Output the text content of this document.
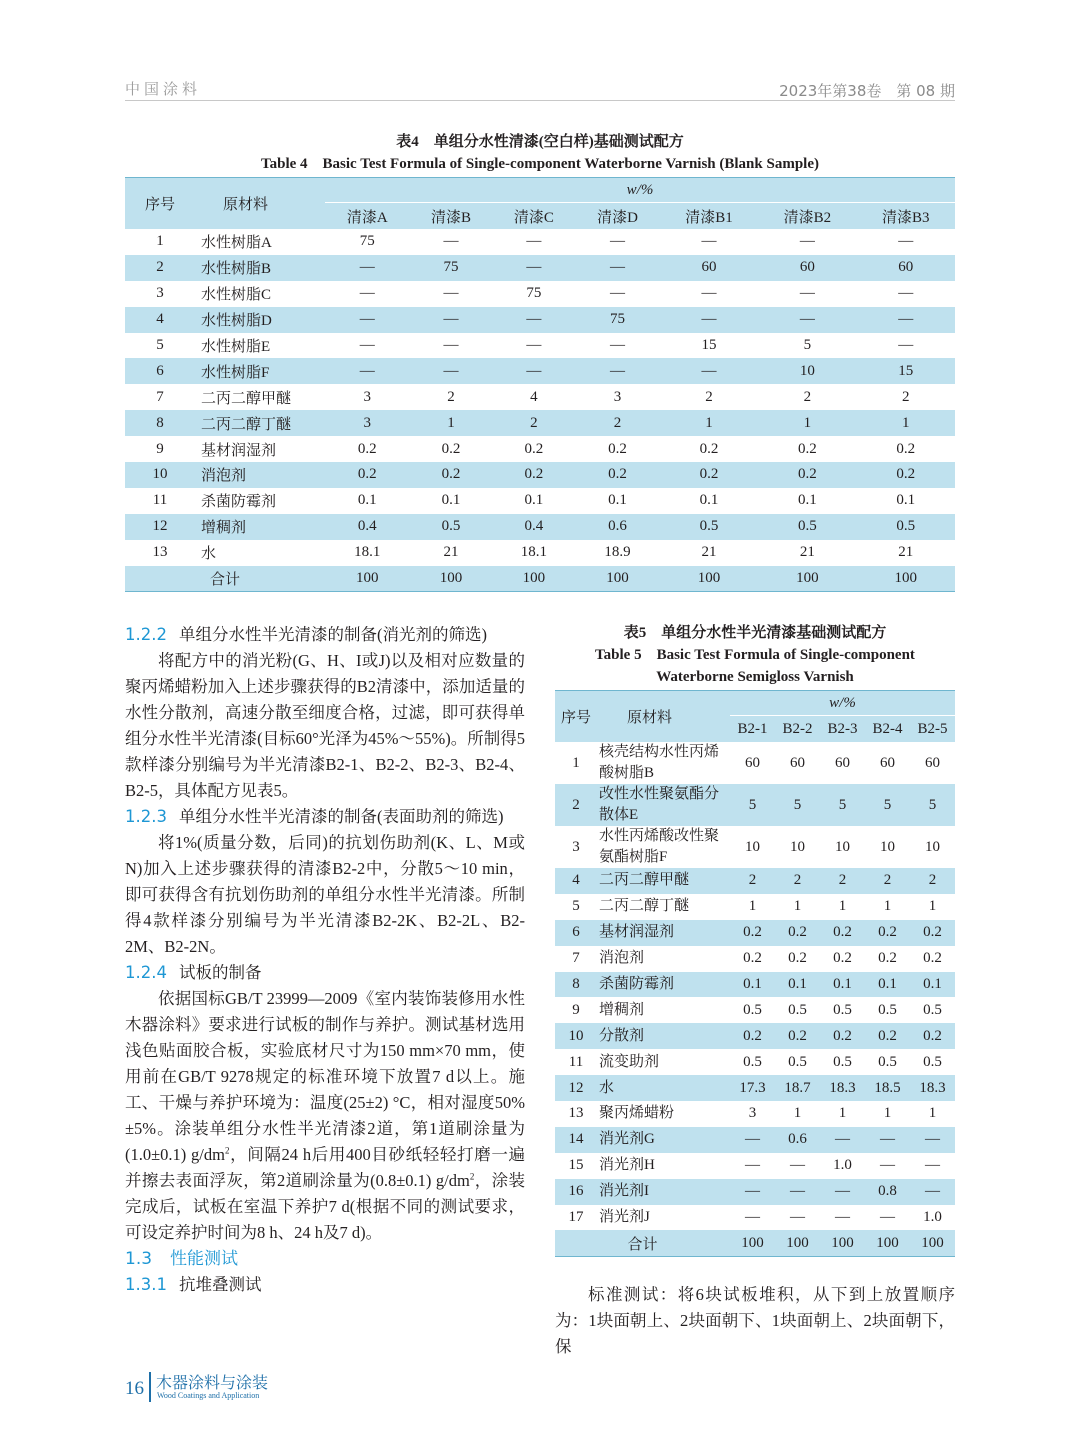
中国涂料	2023年第38卷　第 08 期
表4　单组分水性清漆(空白样)基础测试配方
Table 4　Basic Test Formula of Single-component Waterborne Varnish (Blank Sample)
序号	原材料	w/%						
		清漆A	清漆B	清漆C	清漆D	清漆B1	清漆B2	清漆B3
1	水性树脂A	75	—	—	—	—	—	—
2	水性树脂B	—	75	—	—	60	60	60
3	水性树脂C	—	—	75	—	—	—	—
4	水性树脂D	—	—	—	75	—	—	—
5	水性树脂E	—	—	—	—	15	5	—
6	水性树脂F	—	—	—	—	—	10	15
7	二丙二醇甲醚	3	2	4	3	2	2	2
8	二丙二醇丁醚	3	1	2	2	1	1	1
9	基材润湿剂	0.2	0.2	0.2	0.2	0.2	0.2	0.2
10	消泡剂	0.2	0.2	0.2	0.2	0.2	0.2	0.2
11	杀菌防霉剂	0.1	0.1	0.1	0.1	0.1	0.1	0.1
12	增稠剂	0.4	0.5	0.4	0.6	0.5	0.5	0.5
13	水	18.1	21	18.1	18.9	21	21	21
合计		100	100	100	100	100	100	100
1.2.2 单组分水性半光清漆的制备(消光剂的筛选)
将配方中的消光粉(G、H、I或J)以及相对应数量的聚丙烯蜡粉加入上述步骤获得的B2清漆中，添加适量的水性分散剂，高速分散至细度合格，过滤，即可获得单组分水性半光清漆(目标60°光泽为45%～55%)。所制得5款样漆分别编号为半光清漆B2-1、B2-2、B2-3、B2-4、B2-5，具体配方见表5。
1.2.3 单组分水性半光清漆的制备(表面助剂的筛选)
将1%(质量分数，后同)的抗划伤助剂(K、L、M或N)加入上述步骤获得的清漆B2-2中，分散5～10 min，即可获得含有抗划伤助剂的单组分水性半光清漆。所制得4款样漆分别编号为半光清漆B2-2K、B2-2L、B2-2M、B2-2N。
1.2.4 试板的制备
依据国标GB/T 23999—2009《室内装饰装修用水性木器涂料》要求进行试板的制作与养护。测试基材选用浅色贴面胶合板，实验底材尺寸为150 mm×70 mm，使用前在GB/T 9278规定的标准环境下放置7 d以上。施工、干燥与养护环境为：温度(25±2) °C，相对湿度50% ±5%。涂装单组分水性半光清漆2道，第1道刷涂量为(1.0±0.1) $g/dm^2$，间隔24 h后用400目砂纸轻轻打磨一遍并擦去表面浮灰，第2道刷涂量为(0.8±0.1) $g/dm^2$，涂装完成后，试板在室温下养护7 d(根据不同的测试要求，可设定养护时间为8 h、24 h及7 d)。
1.3 性能测试
1.3.1 抗堆叠测试
表5　单组分水性半光清漆基础测试配方
Table 5　Basic Test Formula of Single-component
Waterborne Semigloss Varnish
序号	原材料	w/%				
		B2-1	B2-2	B2-3	B2-4	B2-5
1	核壳结构水性丙烯酸树脂B	60	60	60	60	60
2	改性水性聚氨酯分散体E	5	5	5	5	5
3	水性丙烯酸改性聚氨酯树脂F	10	10	10	10	10
4	二丙二醇甲醚	2	2	2	2	2
5	二丙二醇丁醚	1	1	1	1	1
6	基材润湿剂	0.2	0.2	0.2	0.2	0.2
7	消泡剂	0.2	0.2	0.2	0.2	0.2
8	杀菌防霉剂	0.1	0.1	0.1	0.1	0.1
9	增稠剂	0.5	0.5	0.5	0.5	0.5
10	分散剂	0.2	0.2	0.2	0.2	0.2
11	流变助剂	0.5	0.5	0.5	0.5	0.5
12	水	17.3	18.7	18.3	18.5	18.3
13	聚丙烯蜡粉	3	1	1	1	1
14	消光剂G	—	0.6	—	—	—
15	消光剂H	—	—	1.0	—	—
16	消光剂I	—	—	—	0.8	—
17	消光剂J	—	—	—	—	1.0
合计		100	100	100	100	100
标准测试：将6块试板堆积，从下到上放置顺序为：1块面朝上、2块面朝下、1块面朝上、2块面朝下，保
16 木器涂料与涂装
Wood Coatings and Application
